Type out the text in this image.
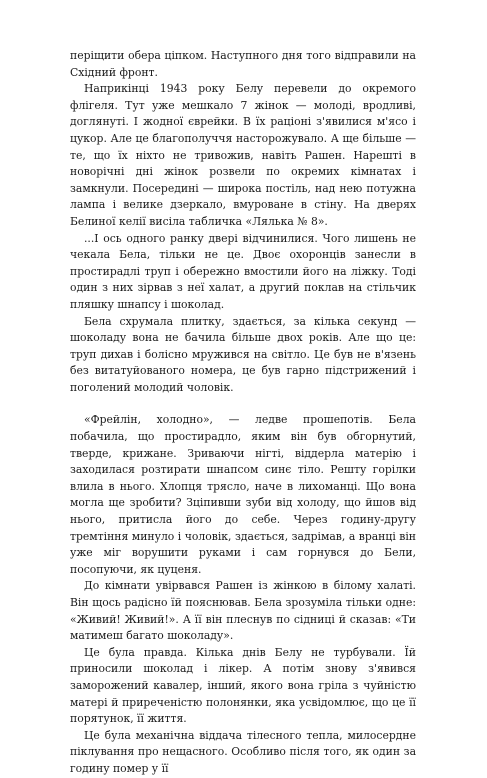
періщити обера ціпком. Наступного дня того відправили на Східний фронт.

Наприкінці 1943 року Белу перевели до окремого флігеля. Тут уже мешкало 7 жінок — молоді, вродливі, доглянуті. І жодної єврейки. В їх раціоні з'явилися м'ясо і цукор. Але це благополуччя насторожувало. А ще більше — те, що їх ніхто не тривожив, навіть Рашен. Нарешті в новорічні дні жінок розвели по окремих кімнатах і замкнули. Посередині — широка постіль, над нею потужна лампа і велике дзеркало, вмуроване в стіну. На дверях Белиної келії висіла табличка «Лялька № 8».

...І ось одного ранку двері відчинилися. Чого лишень не чекала Бела, тільки не це. Двоє охоронців занесли в простирадлі труп і обережно вмостили його на ліжку. Тоді один з них зірвав з неї халат, а другий поклав на стільчик пляшку шнапсу і шоколад.

Бела схрумала плитку, здається, за кілька секунд — шоколаду вона не бачила більше двох років. Але що це: труп дихав і болісно мружився на світло. Це був не в'язень без витатуйованого номера, це був гарно підстрижений і поголений молодий чоловік.

«Фрейлін, холодно», — ледве прошепотів. Бела побачила, що простирадло, яким він був обгорнутий, тверде, крижане. Зриваючи нігті, віддерла матерію і заходилася розтирати шнапсом синє тіло. Решту горілки влила в нього. Хлопця трясло, наче в лихоманці. Що вона могла ще зробити? Зціпивши зуби від холоду, що йшов від нього, притисла його до себе. Через годину-другу тремтіння минуло і чоловік, здається, задрімав, а вранці він уже міг ворушити руками і сам горнувся до Бели, посопуючи, як цуценя.

До кімнати увірвався Рашен із жінкою в білому халаті. Він щось радісно їй пояснював. Бела зрозуміла тільки одне: «Живий! Живий!». А її він плеснув по сідниці й сказав: «Ти матимеш багато шоколаду».

Це була правда. Кілька днів Белу не турбували. Їй приносили шоколад і лікер. А потім знову з'явився заморожений кавалер, інший, якого вона гріла з чуйністю матері й приреченістю полонянки, яка усвідомлює, що це її порятунок, її життя.

Це була механічна віддача тілесного тепла, милосердне піклування про нещасного. Особливо після того, як один за годину помер у її
